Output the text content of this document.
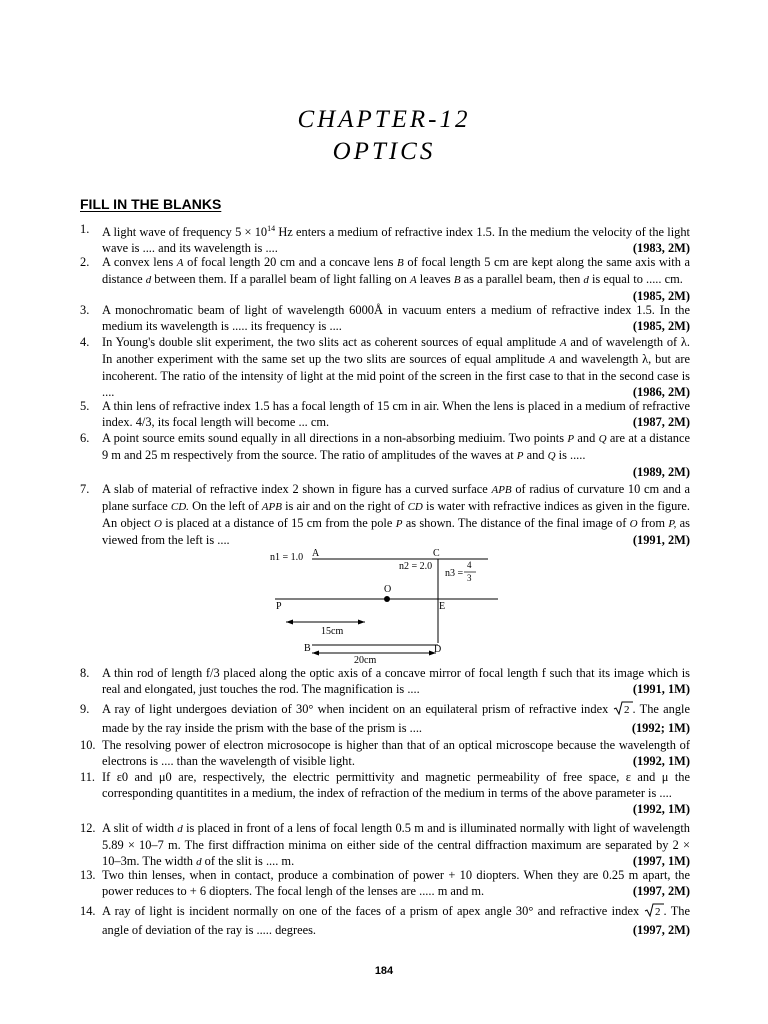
CHAPTER-12
OPTICS
FILL IN THE BLANKS
1. A light wave of frequency $5 \times 10^{14}$ Hz enters a medium of refractive index 1.5. In the medium the velocity of the light wave is .... and its wavelength is ....	(1983, 2M)
2. A convex lens A of focal length 20 cm and a concave lens B of focal length 5 cm are kept along the same axis with a distance d between them. If a parallel beam of light falling on A leaves B as a parallel beam, then d is equal to ..... cm.
(1985, 2M)
3. A monochromatic beam of light of wavelength 6000Å in vacuum enters a medium of refractive index 1.5. In the medium its wavelength is ..... its frequency is ....	(1985, 2M)
4. In Young's double slit experiment, the two slits act as coherent sources of equal amplitude A and of wavelength of λ. In another experiment with the same set up the two slits are sources of equal amplitude A and wavelength λ, but are incoherent. The ratio of the intensity of light at the mid point of the screen in the first case to that in the second case is ....	(1986, 2M)
5. A thin lens of refractive index 1.5 has a focal length of 15 cm in air. When the lens is placed in a medium of refractive index. 4/3, its focal length will become ... cm.	(1987, 2M)
6. A point source emits sound equally in all directions in a non-absorbing mediuim. Two points P and Q are at a distance 9 m and 25 m respectively from the source. The ratio of amplitudes of the waves at P and Q is .....
(1989, 2M)
7. A slab of material of refractive index 2 shown in figure has a curved surface APB of radius of curvature 10 cm and a plane surface CD. On the left of APB is air and on the right of CD is water with refractive indices as given in the figure. An object O is placed at a distance of 15 cm from the pole P as shown. The distance of the final image of O from P, as viewed from the left is ....	(1991, 2M)
n1 = 1.0 A	C
n2 = 2.0
n3 =
4
3
O
P	E
15cm
B	D
20cm
8. A thin rod of length f/3 placed along the optic axis of a concave mirror of focal length f such that its image which is real and elongated, just touches the rod. The magnification is ....	(1991, 1M)
9. A ray of light undergoes deviation of 30° when incident on an equilateral prism of refractive index 2 . The angle made by the ray inside the prism with the base of the prism is ....	(1992; 1M)
10. The resolving power of electron microsocope is higher than that of an optical microscope because the wavelength of electrons is .... than the wavelength of visible light.	(1992, 1M)
11. If ε0 and μ0 are, respectively, the electric permittivity and magnetic permeability of free space, ε and μ the corresponding quantitites in a medium, the index of refraction of the medium in terms of the above parameter is ....
(1992, 1M)
12. A slit of width d is placed in front of a lens of focal length 0.5 m and is illuminated normally with light of wavelength 5.89 × 10–7 m. The first diffraction minima on either side of the central diffraction maximum are separated by 2 × 10–3m. The width d of the slit is .... m.	(1997, 1M)
13. Two thin lenses, when in contact, produce a combination of power + 10 diopters. When they are 0.25 m apart, the power reduces to + 6 diopters. The focal lengh of the lenses are ..... m and m.	(1997, 2M)
14. A ray of light is incident normally on one of the faces of a prism of apex angle 30° and refractive index 2 . The angle of deviation of the ray is ..... degrees.	(1997, 2M)
184
